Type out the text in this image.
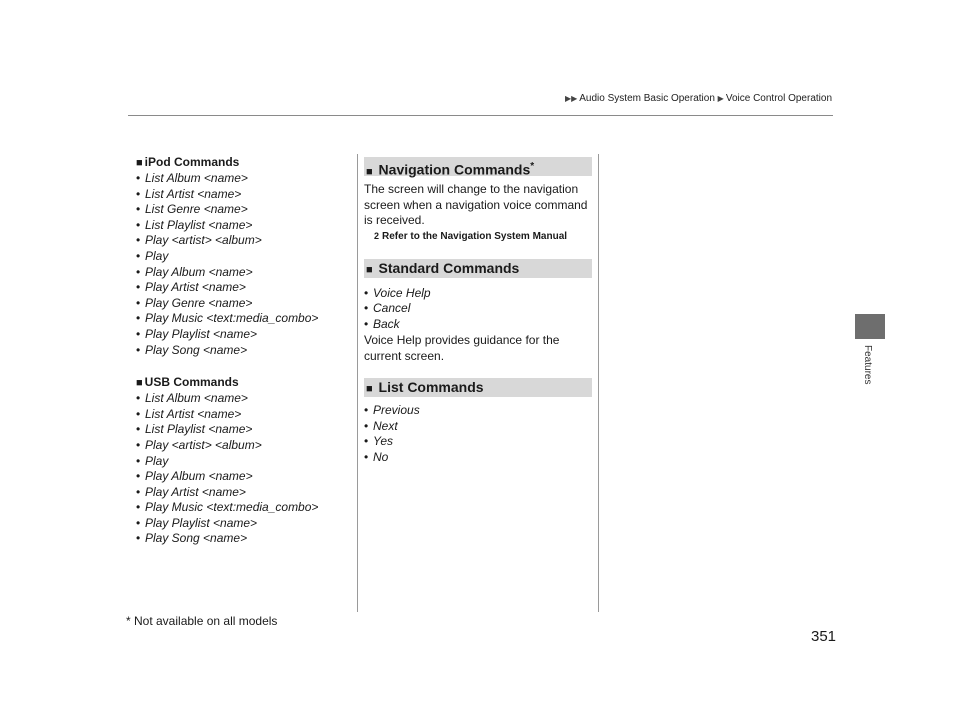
▶▶ Audio System Basic Operation ▶ Voice Control Operation
Features

■ iPod Commands

• List Album <name>
• List Artist <name>
• List Genre <name>
• List Playlist <name>
• Play <artist> <album>
• Play
• Play Album <name>
• Play Artist <name>
• Play Genre <name>
• Play Music <text:media_combo>
• Play Playlist <name>
• Play Song <name>

■ USB Commands

• List Album <name>
• List Artist <name>
• List Playlist <name>
• Play <artist> <album>
• Play
• Play Album <name>
• Play Artist <name>
• Play Music <text:media_combo>
• Play Playlist <name>
• Play Song <name>
■ Navigation Commands*

The screen will change to the navigation screen when a navigation voice command is received.

2 Refer to the Navigation System Manual
■ Standard Commands
• Voice Help
• Cancel
• Back

Voice Help provides guidance for the current screen.

■ List Commands
• Previous
• Next
• Yes
• No
* Not available on all models
351
